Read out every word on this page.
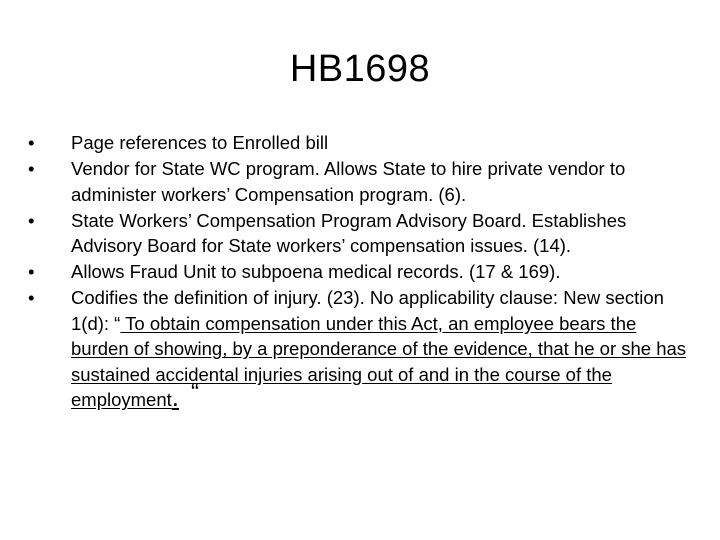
HB1698
•	Page references to Enrolled bill
•	Vendor for State WC program. Allows State to hire private vendor to administer workers’ Compensation program. (6).
•	State Workers’ Compensation Program Advisory Board. Establishes Advisory Board for State workers’ compensation issues. (14).
•	Allows Fraud Unit to subpoena medical records. (17 & 169).
•	Codifies the definition of injury. (23). No applicability clause: New section 1(d): “ To obtain compensation under this Act, an employee bears the burden of showing, by a preponderance of the evidence, that he or she has sustained accidental injuries arising out of and in the course of the employment. “
